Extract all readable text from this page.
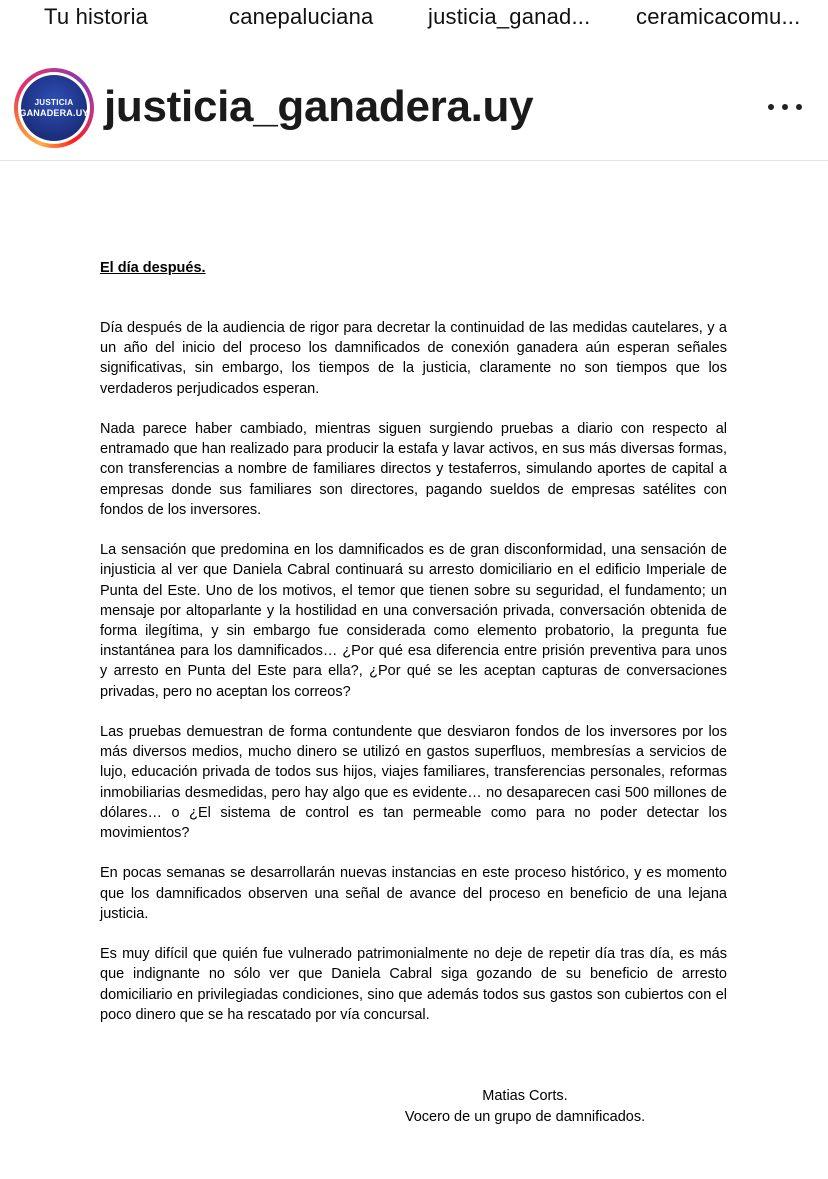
Tu historia	canepaluciana justicia_ganad... ceramicacomu...
JUSTICIA
GANADERA.UY justicia_ganadera.uy
El día después.

Día después de la audiencia de rigor para decretar la continuidad de las medidas cautelares, y a un año del inicio del proceso los damnificados de conexión ganadera aún esperan señales significativas, sin embargo, los tiempos de la justicia, claramente no son tiempos que los verdaderos perjudicados esperan.

Nada parece haber cambiado, mientras siguen surgiendo pruebas a diario con respecto al entramado que han realizado para producir la estafa y lavar activos, en sus más diversas formas, con transferencias a nombre de familiares directos y testaferros, simulando aportes de capital a empresas donde sus familiares son directores, pagando sueldos de empresas satélites con fondos de los inversores.

La sensación que predomina en los damnificados es de gran disconformidad, una sensación de injusticia al ver que Daniela Cabral continuará su arresto domiciliario en el edificio Imperiale de Punta del Este. Uno de los motivos, el temor que tienen sobre su seguridad, el fundamento; un mensaje por altoparlante y la hostilidad en una conversación privada, conversación obtenida de forma ilegítima, y sin embargo fue considerada como elemento probatorio, la pregunta fue instantánea para los damnificados… ¿Por qué esa diferencia entre prisión preventiva para unos y arresto en Punta del Este para ella?, ¿Por qué se les aceptan capturas de conversaciones privadas, pero no aceptan los correos?

Las pruebas demuestran de forma contundente que desviaron fondos de los inversores por los más diversos medios, mucho dinero se utilizó en gastos superfluos, membresías a servicios de lujo, educación privada de todos sus hijos, viajes familiares, transferencias personales, reformas inmobiliarias desmedidas, pero hay algo que es evidente… no desaparecen casi 500 millones de dólares… o ¿El sistema de control es tan permeable como para no poder detectar los movimientos?

En pocas semanas se desarrollarán nuevas instancias en este proceso histórico, y es momento que los damnificados observen una señal de avance del proceso en beneficio de una lejana justicia.

Es muy difícil que quién fue vulnerado patrimonialmente no deje de repetir día tras día, es más que indignante no sólo ver que Daniela Cabral siga gozando de su beneficio de arresto domiciliario en privilegiadas condiciones, sino que además todos sus gastos son cubiertos con el poco dinero que se ha rescatado por vía concursal.

Matias Corts.
Vocero de un grupo de damnificados.
